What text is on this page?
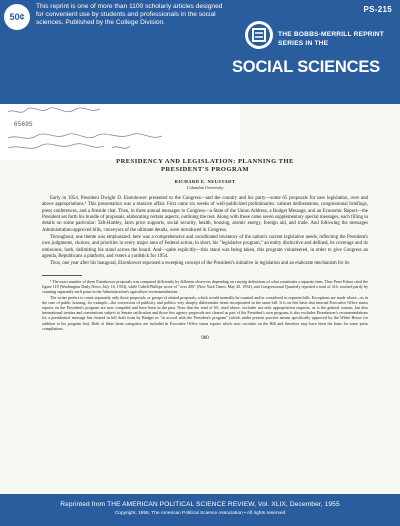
50¢
This reprint is one of more than 1100 scholarly articles designed for convenient use by students and professionals in the social sciences. Published by the College Division.
PS-215
THE BOBBS-MERRILL REPRINT SERIES IN THE
SOCIAL SCIENCES
65695
PRESIDENCY AND LEGISLATION: PLANNING THE
PRESIDENT'S PROGRAM
RICHARD E. NEUSTADT
Columbia University

Early in 1954, President Dwight D. Eisenhower presented to the Congress—and the country and his party—some 65 proposals for new legislation, over and above appropriations.¹ This presentation was a massive affair. First came six weeks of well-publicized preliminaries: cabinet deliberations, congressional briefings, press conferences, and a fireside chat. Then, in three annual messages to Congress—a State of the Union Address, a Budget Message, and an Economic Report—the President set forth his bundle of proposals, elaborating certain aspects, outlining the rest. Along with these came seven supplementary special messages, each filling in details on some particular: Taft-Hartley, farm price supports, social security, health, housing, atomic energy, foreign aid, and trade. And following the messages Administration-approved bills, conveyors of the ultimate details, were introduced in Congress.

Throughout, one theme was emphasized: here was a comprehensive and coordinated inventory of the nation's current legislative needs, reflecting the President's own judgments, choices, and priorities in every major area of Federal action; in short, his "legislative program," an entity distinctive and defined, its coverage and its omissions, both, delimiting his stand across the board. And—quite explicitly—this stand was being taken, this program volunteered, in order to give Congress an agenda, Republicans a platform, and voters a yardstick for 1954.

Thus, one year after his inaugural, Eisenhower espoused a sweeping concept of the President's initiative in legislation and an elaborate mechanism for its

¹ The exact number of these Eisenhower proposals was computed differently by different observers depending on varying definitions of what constitutes a separate item. Thus Peter Edson cited the figure 119 (Washington Daily News, July 16, 1954), while Cabell Phillips wrote of "over 200" (New York Times, May 30, 1954), and Congressional Quarterly reported a total of 314, reached partly by counting separately each point in the Administration's agriculture recommendations.

The writer prefers to count separately only those proposals, or groups of related proposals, which would normally be counted and/or considered in separate bills. Exceptions are made where—as in the case of public housing, for example—the conversion of publicity and politics very sharply differentiate items incorporated in the same bill. It is on this basis that internal Executive Office status reports on the President's program are now compiled and have been in the past. Note that the total of 65, cited above, excludes not only appropriation requests, as is the general custom, but also international treaties and conventions subject to Senate ratification and those few agency proposals not cleared as part of the President's own program; it also excludes Eisenhower's recommendations for a presidential message but cleared in bill draft form by Budget as "in accord with the President's program" (which under present practice means specifically approved by the White House for addition to his program list). Both of these latter categories are included in Executive Office status reports which now circulate on the Hill and therefore may have been the basis for some press compilations.

980
Reprinted from THE AMERICAN POLITICAL SCIENCE REVIEW, Vol. XLIX, December, 1955
Copyright, 1955, The American Political Science Association • All rights reserved
